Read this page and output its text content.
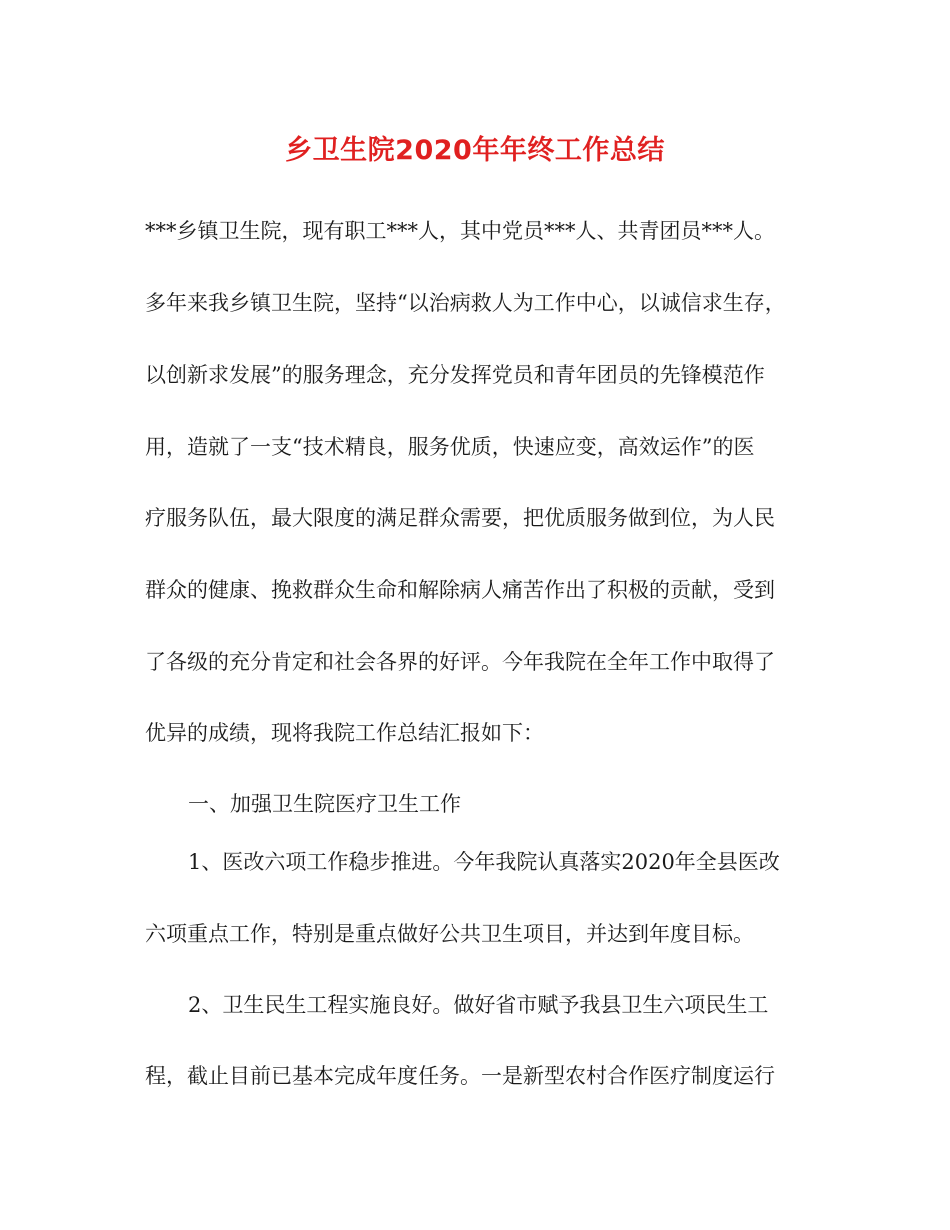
乡卫生院2020年年终工作总结
***乡镇卫生院，现有职工***人，其中党员***人、共青团员***人。
多年来我乡镇卫生院，坚持“以治病救人为工作中心，以诚信求生存，
以创新求发展”的服务理念，充分发挥党员和青年团员的先锋模范作
用，造就了一支“技术精良，服务优质，快速应变，高效运作”的医
疗服务队伍，最大限度的满足群众需要，把优质服务做到位，为人民
群众的健康、挽救群众生命和解除病人痛苦作出了积极的贡献，受到
了各级的充分肯定和社会各界的好评。今年我院在全年工作中取得了
优异的成绩，现将我院工作总结汇报如下：
一、加强卫生院医疗卫生工作
1、医改六项工作稳步推进。今年我院认真落实2020年全县医改
六项重点工作，特别是重点做好公共卫生项目，并达到年度目标。
2、卫生民生工程实施良好。做好省市赋予我县卫生六项民生工
程，截止目前已基本完成年度任务。一是新型农村合作医疗制度运行
